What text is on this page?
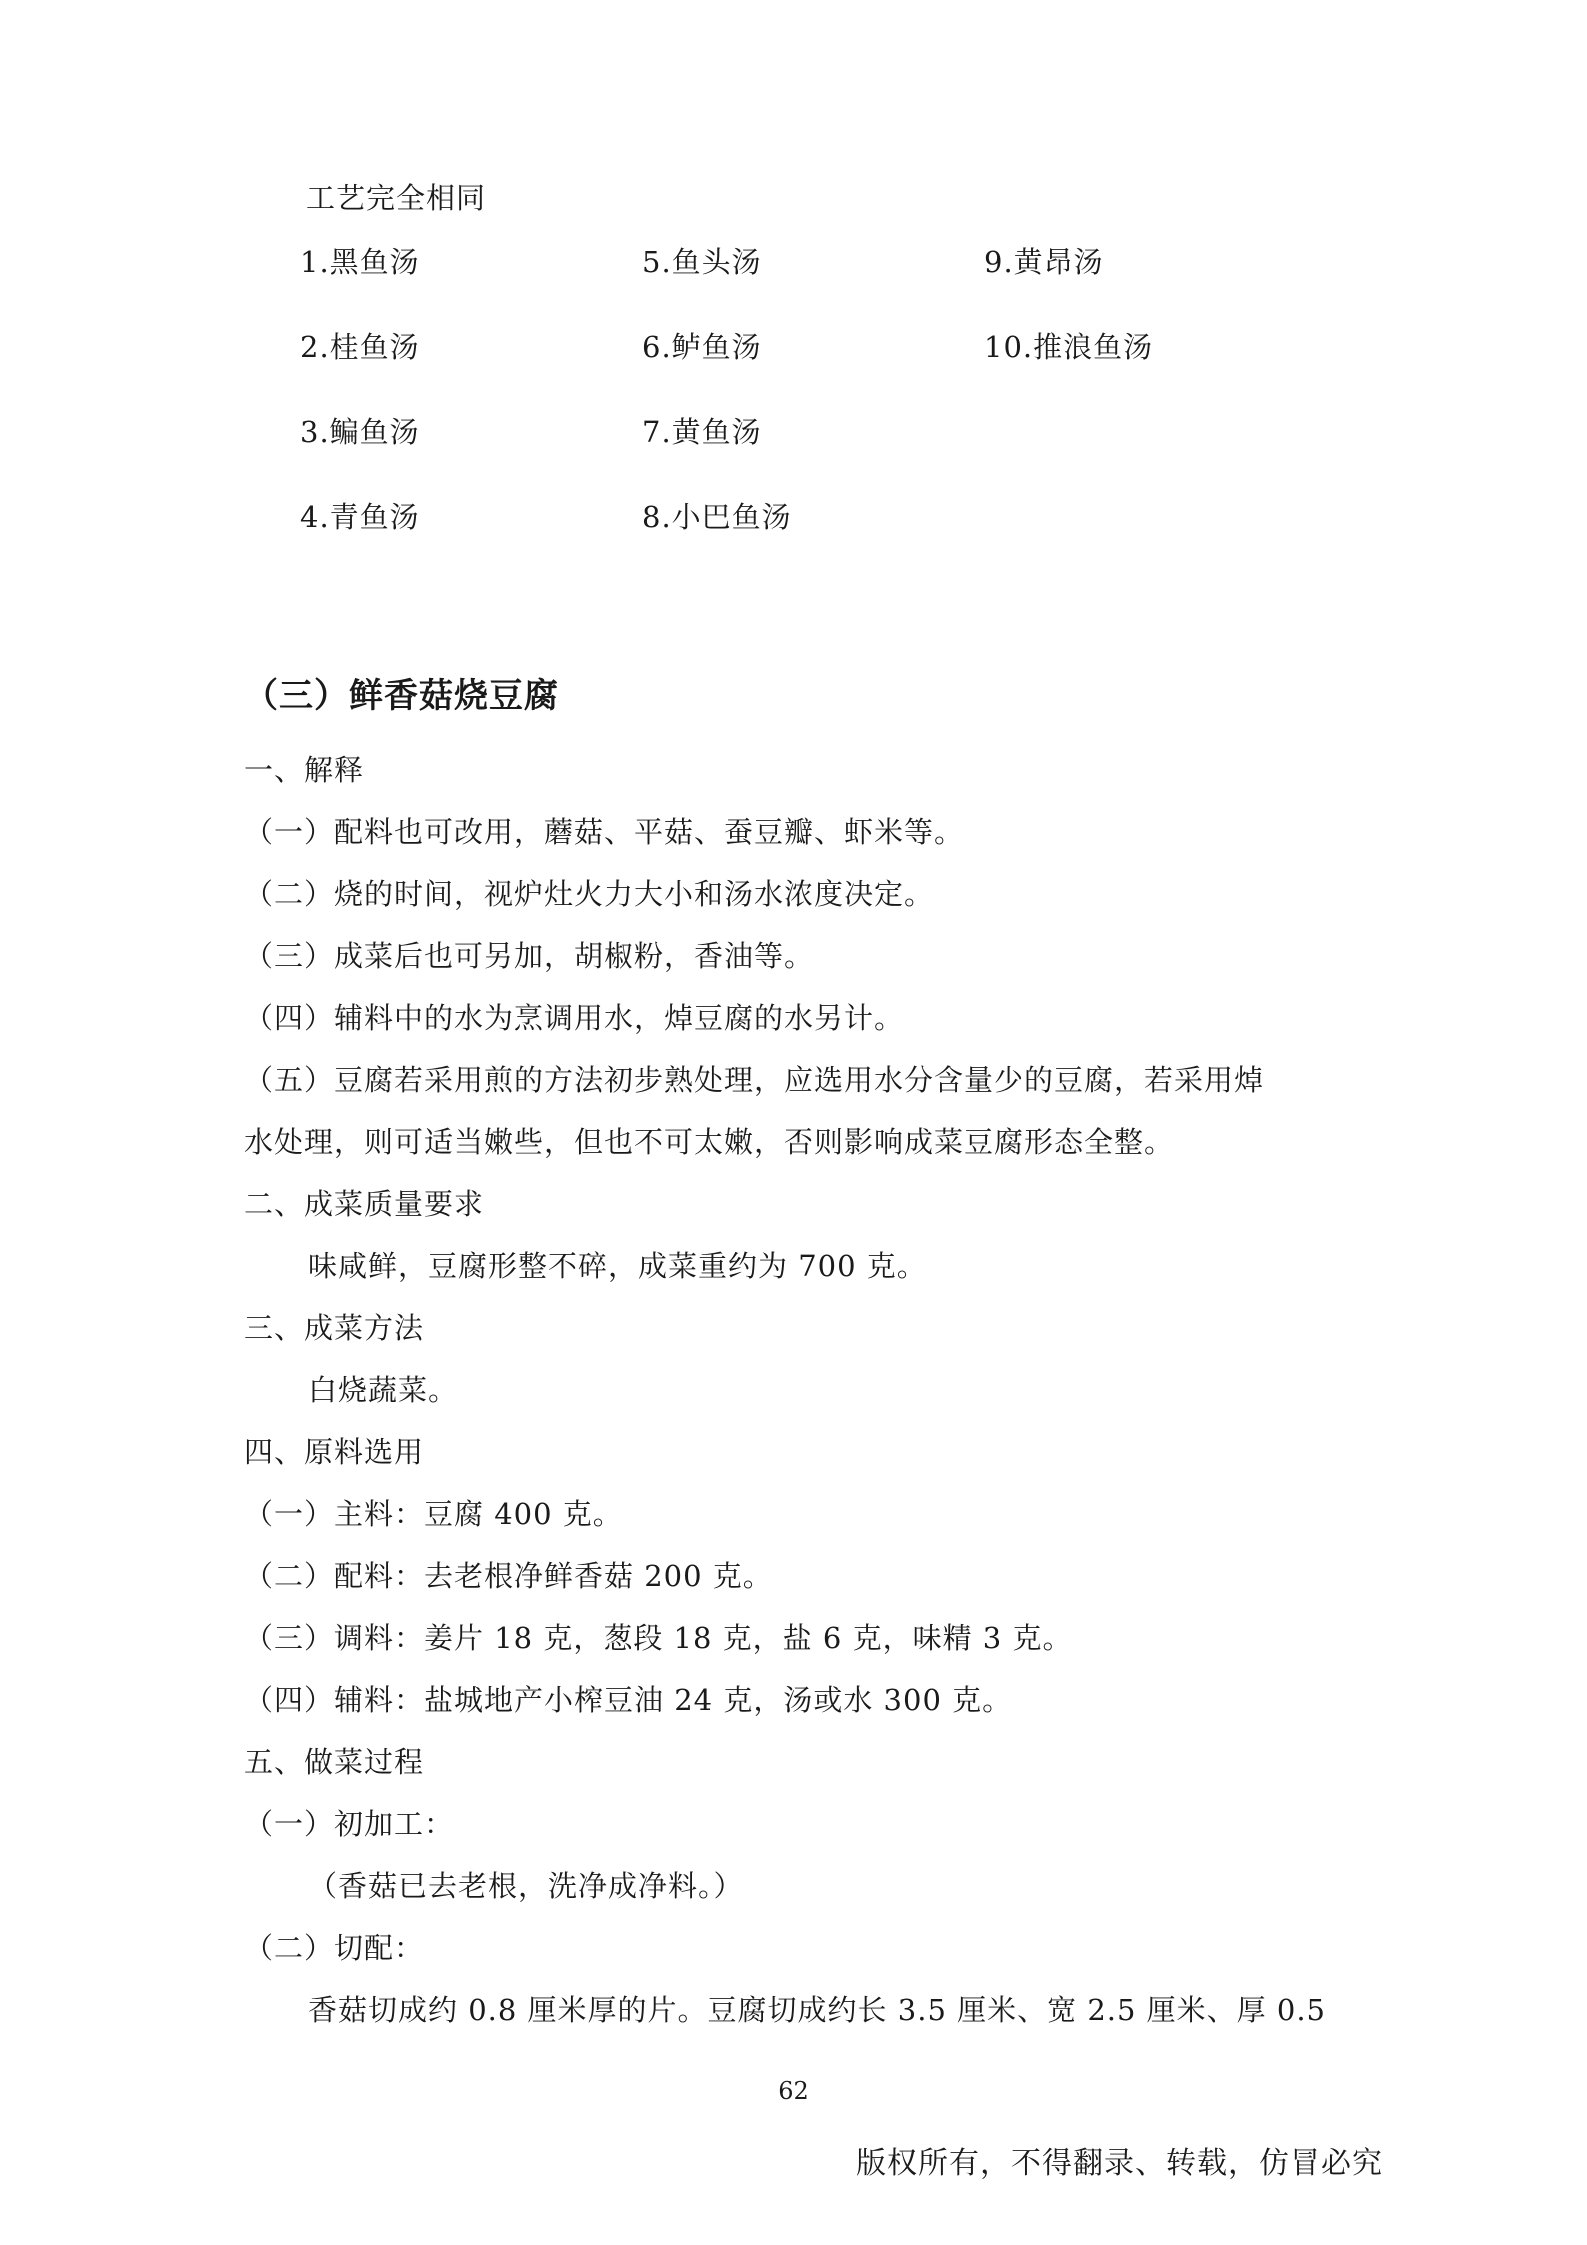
工艺完全相同
1.黑鱼汤
2.桂鱼汤
3.鳊鱼汤
4.青鱼汤
5.鱼头汤
6.鲈鱼汤
7.黄鱼汤
8.小巴鱼汤
9.黄昂汤
10.推浪鱼汤
（三）鲜香菇烧豆腐
一、解释
（一）配料也可改用，蘑菇、平菇、蚕豆瓣、虾米等。
（二）烧的时间，视炉灶火力大小和汤水浓度决定。
（三）成菜后也可另加，胡椒粉，香油等。
（四）辅料中的水为烹调用水，焯豆腐的水另计。
（五）豆腐若采用煎的方法初步熟处理，应选用水分含量少的豆腐，若采用焯
水处理，则可适当嫩些，但也不可太嫩，否则影响成菜豆腐形态全整。
二、成菜质量要求
味咸鲜，豆腐形整不碎，成菜重约为 700 克。
三、成菜方法
白烧蔬菜。
四、原料选用
（一）主料：豆腐 400 克。
（二）配料：去老根净鲜香菇 200 克。
（三）调料：姜片 18 克，葱段 18 克，盐 6 克，味精 3 克。
（四）辅料：盐城地产小榨豆油 24 克，汤或水 300 克。
五、做菜过程
（一）初加工：
（香菇已去老根，洗净成净料。）
（二）切配：
香菇切成约 0.8 厘米厚的片。豆腐切成约长 3.5 厘米、宽 2.5 厘米、厚 0.5
62
版权所有，不得翻录、转载，仿冒必究
